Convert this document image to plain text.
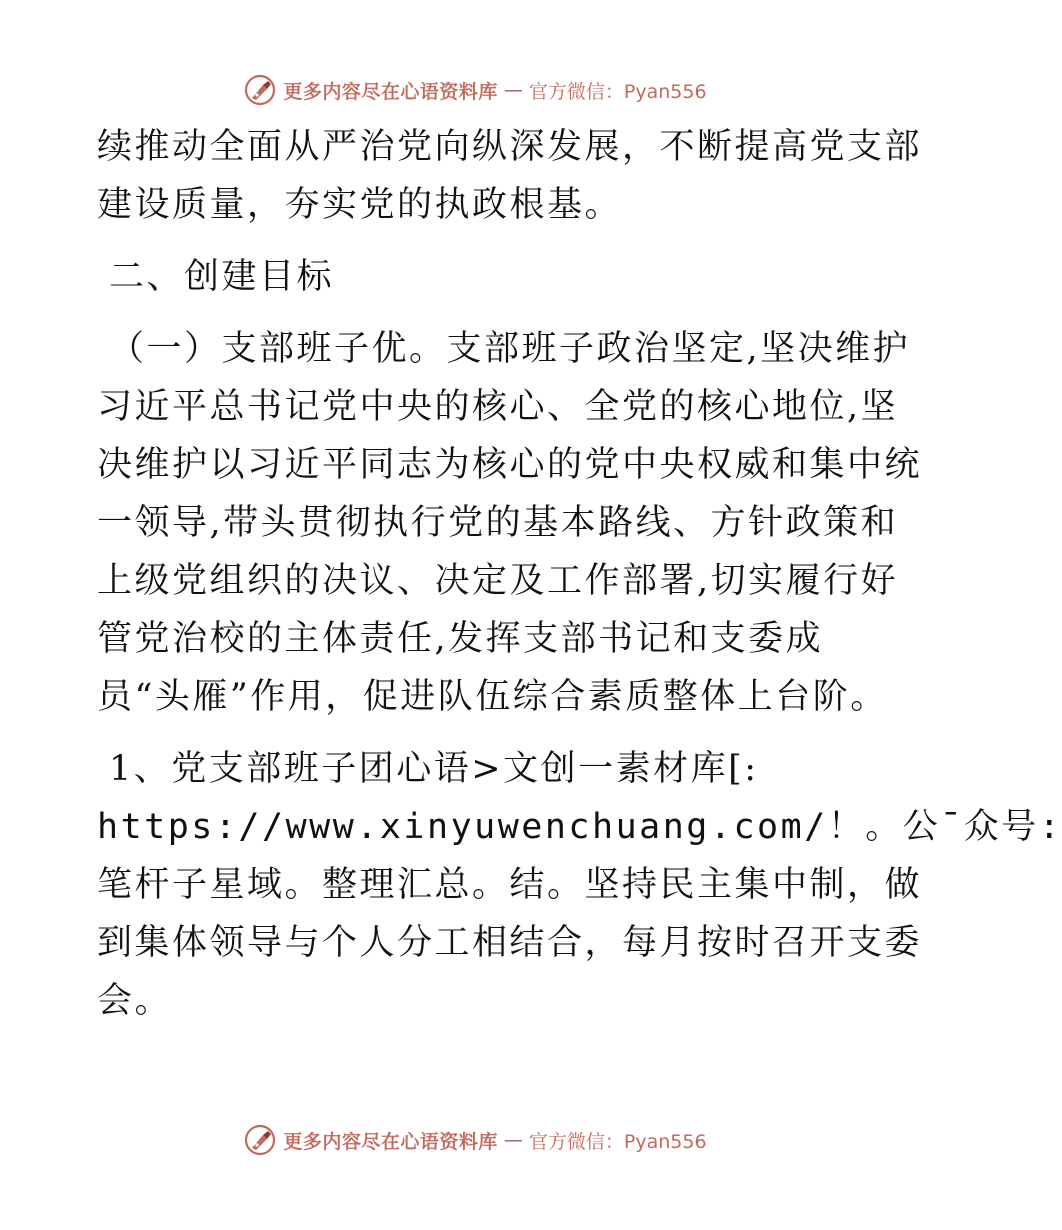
更多内容尽在心语资料库 — 官方微信：Pyan556
续推动全面从严治党向纵深发展，不断提高党支部
建设质量，夯实党的执政根基。
二、创建目标
（一）支部班子优。支部班子政治坚定,坚决维护
习近平总书记党中央的核心、全党的核心地位,坚
决维护以习近平同志为核心的党中央权威和集中统
一领导,带头贯彻执行党的基本路线、方针政策和
上级党组织的决议、决定及工作部署,切实履行好
管党治校的主体责任,发挥支部书记和支委成
员“头雁”作用，促进队伍综合素质整体上台阶。
1、党支部班子团心语>文创一素材库[:
https://www.xinyuwenchuang.com/！。公¯众号:
笔杆子星域。整理汇总。结。坚持民主集中制，做
到集体领导与个人分工相结合，每月按时召开支委
会。
更多内容尽在心语资料库 — 官方微信：Pyan556
